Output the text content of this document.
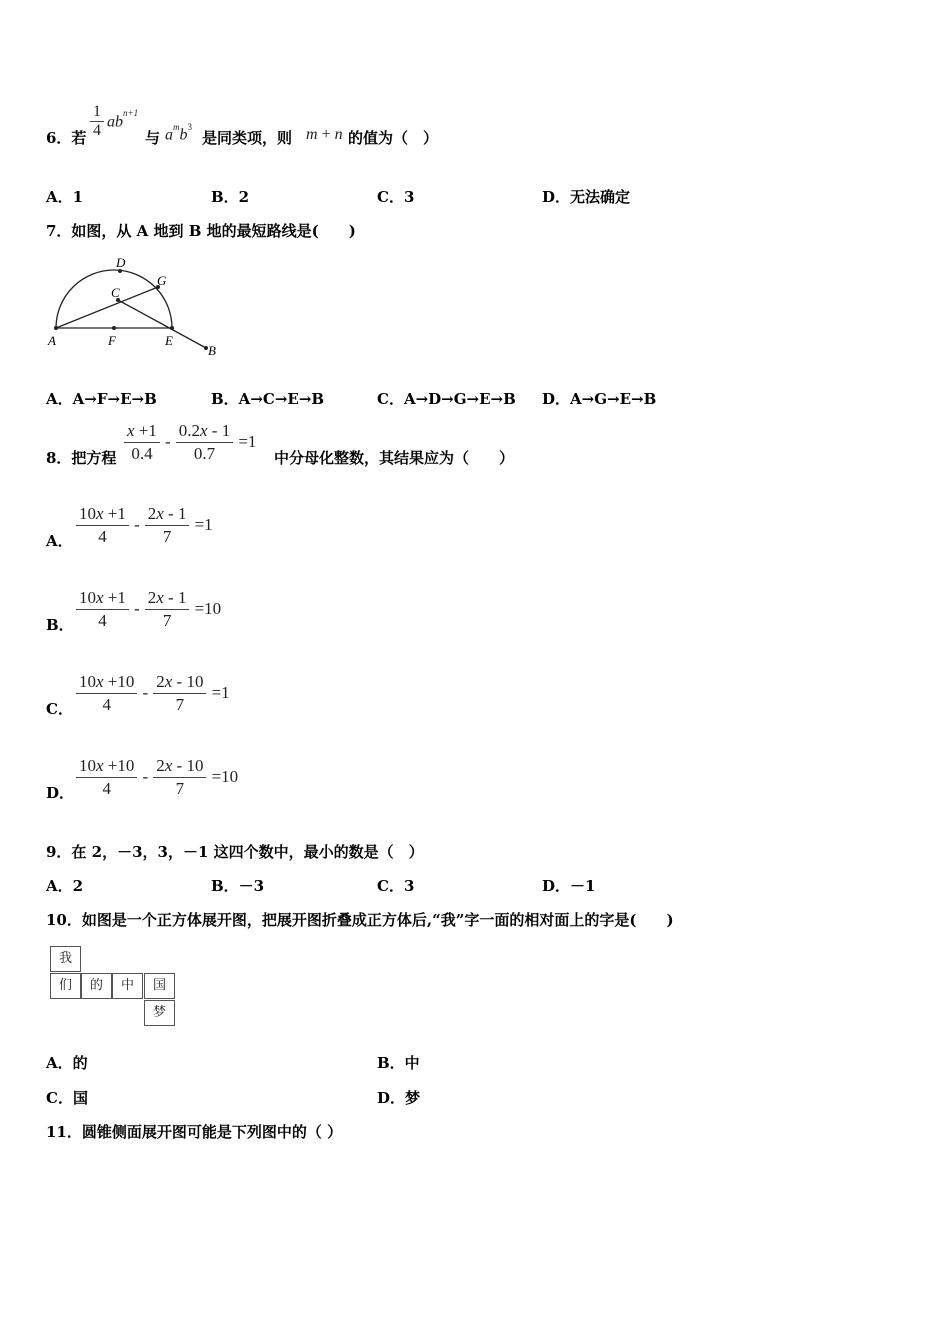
6．若 $\frac{1}{4} ab^{n+1}$
与 $a^mb^3$
是同类项，则 m + n 的值为（　）
A．1	B．2	C．3	D．无法确定
7．如图，从 A 地到 B 地的最短路线是(　　)
D
G
C
A	F	E
B
A．A→F→E→B	B．A→C→E→B	C．A→D→G→E→B D．A→G→E→B
8．把方程 $\frac{x +1}{0.4} - \frac{0.2x - 1}{0.7} =1$
中分母化整数，其结果应为（　　）
A． $\frac{10x +1}{4} - \frac{2x - 1}{7} =1$
B． $\frac{10x +1}{4} - \frac{2x - 1}{7} =10$
C． $\frac{10x +10}{4} - \frac{2x - 10}{7} =1$
D． $\frac{10x +10}{4} - \frac{2x - 10}{7} =10$
9．在 2，－3，3，－1 这四个数中，最小的数是（　）
A．2	B．－3	C．3	D．－1
10．如图是一个正方体展开图，把展开图折叠成正方体后,“我”字一面的相对面上的字是(　　)
我
们	的	中	国
梦
A．的	B．中
C．国	D．梦
11．圆锥侧面展开图可能是下列图中的（ ）
